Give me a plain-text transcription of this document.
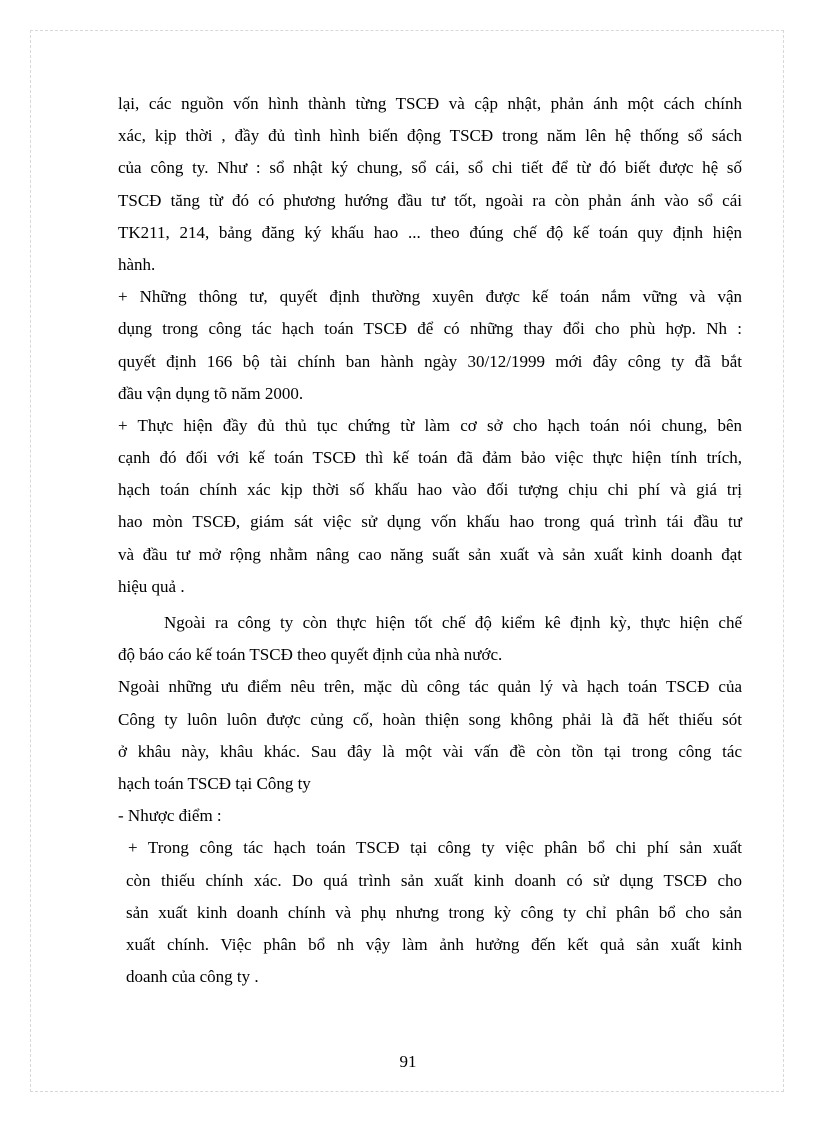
lại, các nguồn vốn hình thành từng TSCĐ và cập nhật, phản ánh một cách chính
xác, kịp thời , đầy đủ tình hình biến động TSCĐ trong năm lên hệ thống sổ sách
của công ty. Như : sổ nhật ký chung, sổ cái, sổ chi tiết để từ đó biết được hệ số
TSCĐ tăng từ đó có phương hướng đầu tư tốt, ngoài ra còn phản ánh vào sổ cái
TK211, 214, bảng đăng ký khấu hao ... theo đúng chế độ kế toán quy định hiện
hành.
+ Những thông tư, quyết định thường xuyên được kế toán nắm vững và vận
dụng trong công tác hạch toán TSCĐ để có những thay đổi cho phù hợp. Nh :
quyết định 166 bộ tài chính ban hành ngày 30/12/1999 mới đây công ty đã bắt
đầu vận dụng tõ năm 2000.
+ Thực hiện đầy đủ thủ tục chứng từ làm cơ sở cho hạch toán nói chung, bên
cạnh đó đối với kế toán TSCĐ thì kế toán đã đảm bảo việc thực hiện tính trích,
hạch toán chính xác kịp thời số khấu hao vào đối tượng chịu chi phí và giá trị
hao mòn TSCĐ, giám sát việc sử dụng vốn khấu hao trong quá trình tái đầu tư
và đầu tư mở rộng nhằm nâng cao năng suất sản xuất và sản xuất kinh doanh đạt
hiệu quả .
Ngoài ra công ty còn thực hiện tốt chế độ kiểm kê định kỳ, thực hiện chế
độ báo cáo kế toán TSCĐ theo quyết định của nhà nước.
Ngoài những ưu điểm nêu trên, mặc dù công tác quản lý và hạch toán TSCĐ của
Công ty luôn luôn được củng cố, hoàn thiện song không phải là đã hết thiếu sót
ở khâu này, khâu khác. Sau đây là một vài vấn đề còn tồn tại trong công tác
hạch toán TSCĐ tại Công ty
- Nhược điểm :
+ Trong công tác hạch toán TSCĐ tại công ty việc phân bổ chi phí sản xuất
còn thiếu chính xác. Do quá trình sản xuất kinh doanh có sử dụng TSCĐ cho
sản xuất kinh doanh chính và phụ nhưng trong kỳ công ty chỉ phân bổ cho sản
xuất chính. Việc phân bổ nh vậy làm ảnh hưởng đến kết quả sản xuất kinh
doanh của công ty .
91
